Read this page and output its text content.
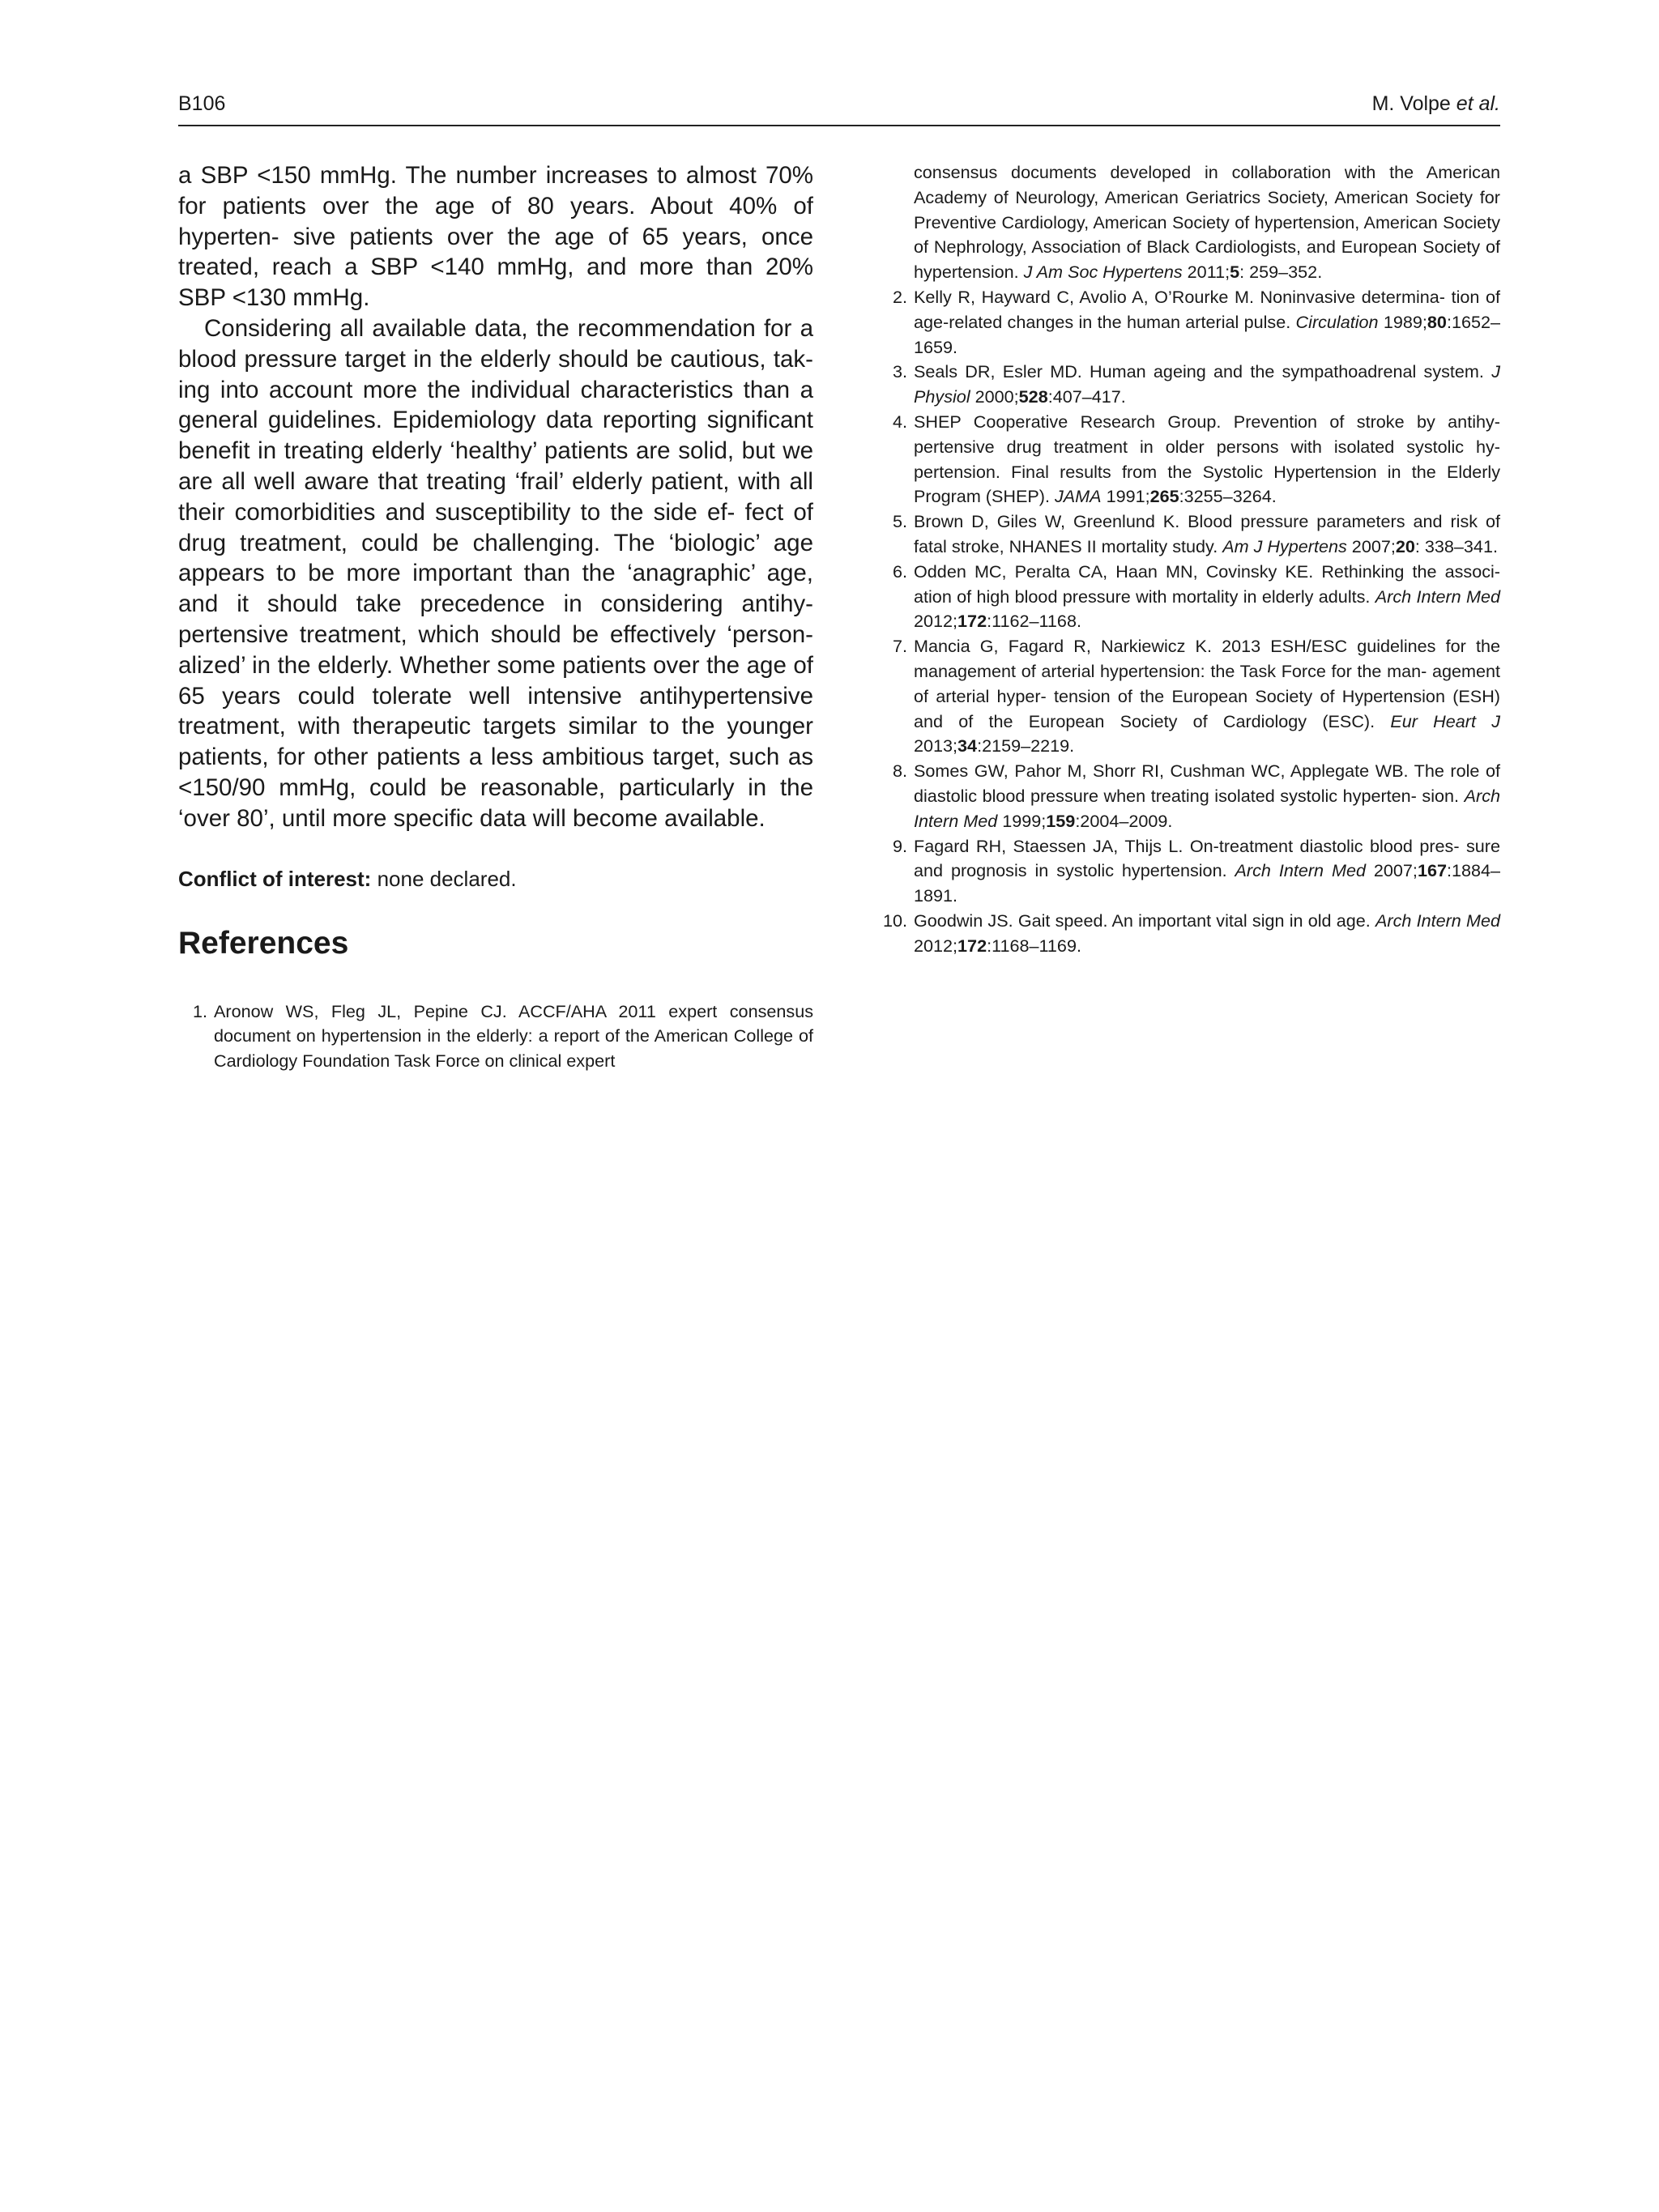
B106	M. Volpe et al.

a SBP <150 mmHg. The number increases to almost 70% for patients over the age of 80 years. About 40% of hyperten- sive patients over the age of 65 years, once treated, reach a SBP <140 mmHg, and more than 20% SBP <130 mmHg.

Considering all available data, the recommendation for a blood pressure target in the elderly should be cautious, tak- ing into account more the individual characteristics than a general guidelines. Epidemiology data reporting significant benefit in treating elderly ‘healthy’ patients are solid, but we are all well aware that treating ‘frail’ elderly patient, with all their comorbidities and susceptibility to the side ef- fect of drug treatment, could be challenging. The ‘biologic’ age appears to be more important than the ‘anagraphic’ age, and it should take precedence in considering antihy- pertensive treatment, which should be effectively ‘person- alized’ in the elderly. Whether some patients over the age of 65 years could tolerate well intensive antihypertensive treatment, with therapeutic targets similar to the younger patients, for other patients a less ambitious target, such as <150/90 mmHg, could be reasonable, particularly in the ‘over 80’, until more specific data will become available.

Conflict of interest: none declared.
References
1. Aronow WS, Fleg JL, Pepine CJ. ACCF/AHA 2011 expert consensus document on hypertension in the elderly: a report of the American College of Cardiology Foundation Task Force on clinical expert
consensus documents developed in collaboration with the American Academy of Neurology, American Geriatrics Society, American Society for Preventive Cardiology, American Society of hypertension, American Society of Nephrology, Association of Black Cardiologists, and European Society of hypertension. J Am Soc Hypertens 2011;5: 259–352.
2. Kelly R, Hayward C, Avolio A, O’Rourke M. Noninvasive determina- tion of age-related changes in the human arterial pulse. Circulation 1989;80:1652–1659.
3. Seals DR, Esler MD. Human ageing and the sympathoadrenal system. J Physiol 2000;528:407–417.
4. SHEP Cooperative Research Group. Prevention of stroke by antihy- pertensive drug treatment in older persons with isolated systolic hy- pertension. Final results from the Systolic Hypertension in the Elderly Program (SHEP). JAMA 1991;265:3255–3264.
5. Brown D, Giles W, Greenlund K. Blood pressure parameters and risk of fatal stroke, NHANES II mortality study. Am J Hypertens 2007;20: 338–341.
6. Odden MC, Peralta CA, Haan MN, Covinsky KE. Rethinking the associ- ation of high blood pressure with mortality in elderly adults. Arch Intern Med 2012;172:1162–1168.
7. Mancia G, Fagard R, Narkiewicz K. 2013 ESH/ESC guidelines for the management of arterial hypertension: the Task Force for the man- agement of arterial hyper- tension of the European Society of Hypertension (ESH) and of the European Society of Cardiology (ESC). Eur Heart J 2013;34:2159–2219.
8. Somes GW, Pahor M, Shorr RI, Cushman WC, Applegate WB. The role of diastolic blood pressure when treating isolated systolic hyperten- sion. Arch Intern Med 1999;159:2004–2009.
9. Fagard RH, Staessen JA, Thijs L. On-treatment diastolic blood pres- sure and prognosis in systolic hypertension. Arch Intern Med 2007;167:1884–1891.
10. Goodwin JS. Gait speed. An important vital sign in old age. Arch Intern Med 2012;172:1168–1169.
